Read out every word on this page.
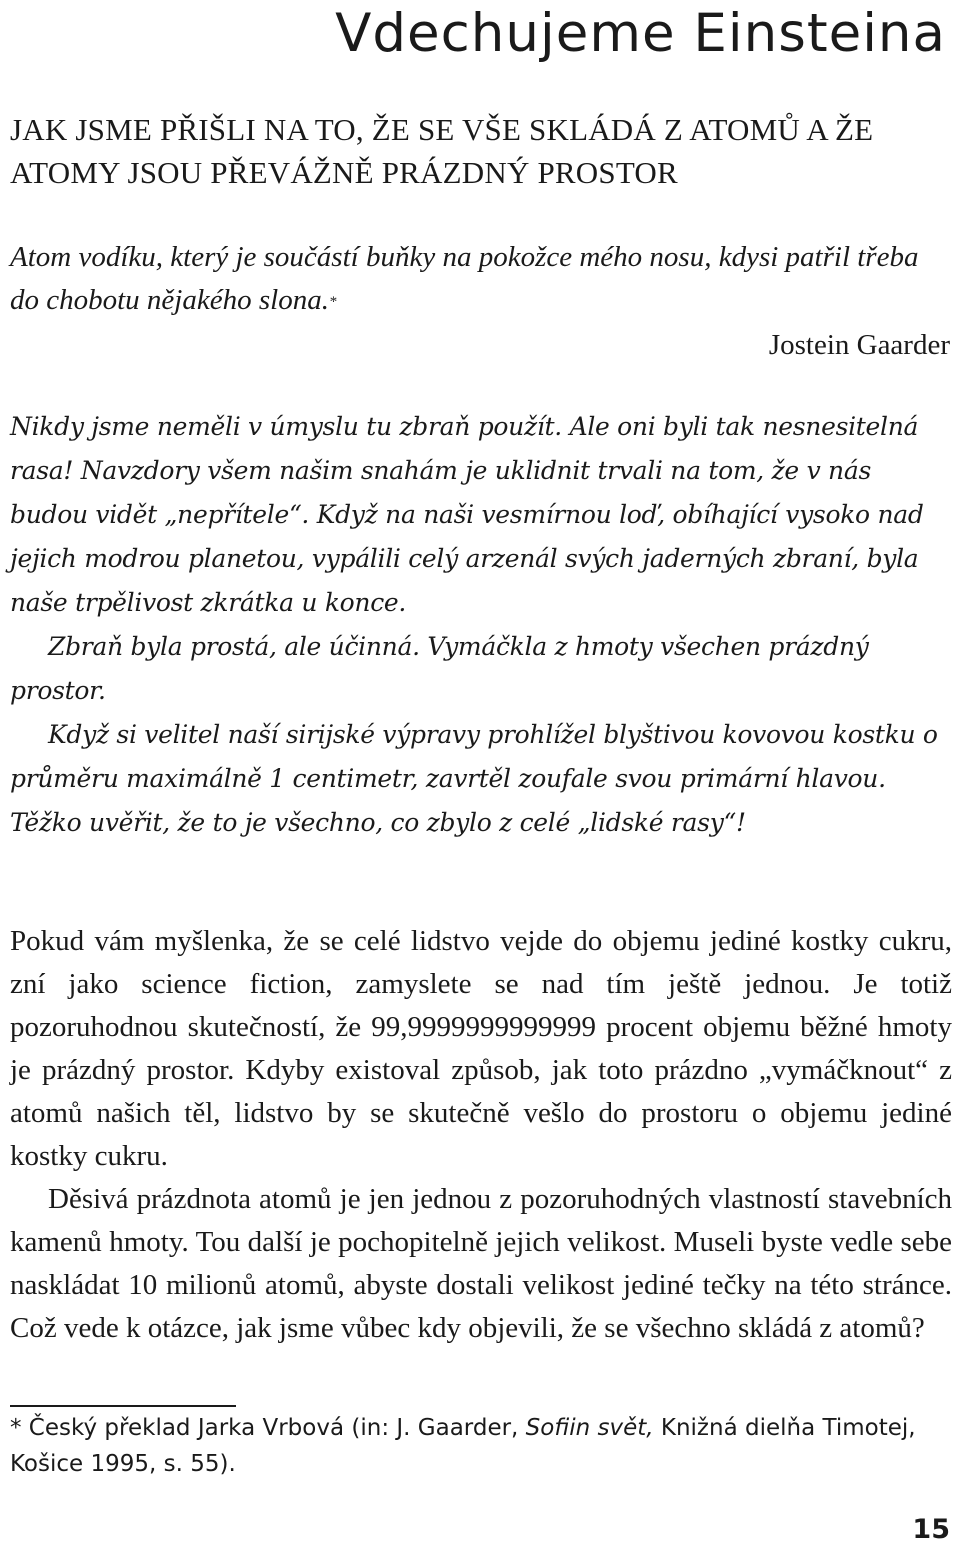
Vdechujeme Einsteina
JAK JSME PŘIŠLI NA TO, ŽE SE VŠE SKLÁDÁ Z ATOMŮ A ŽE ATOMY JSOU PŘEVÁŽNĚ PRÁZDNÝ PROSTOR

Atom vodíku, který je součástí buňky na pokožce mého nosu, kdysi patřil třeba do chobotu nějakého slona.*

Jostein Gaarder

Nikdy jsme neměli v úmyslu tu zbraň použít. Ale oni byli tak nesnesitelná rasa! Navzdory všem našim snahám je uklidnit trvali na tom, že v nás budou vidět „nepřítele“. Když na naši vesmírnou loď, obíhající vysoko nad jejich modrou planetou, vypálili celý arzenál svých jaderných zbraní, byla naše trpělivost zkrátka u konce.

Zbraň byla prostá, ale účinná. Vymáčkla z hmoty všechen prázdný prostor.

Když si velitel naší sirijské výpravy prohlížel blyštivou kovovou kostku o průměru maximálně 1 centimetr, zavrtěl zoufale svou primární hlavou. Těžko uvěřit, že to je všechno, co zbylo z celé „lidské rasy“!

Pokud vám myšlenka, že se celé lidstvo vejde do objemu jediné kostky cukru, zní jako science fiction, zamyslete se nad tím ještě jednou. Je totiž pozoruhodnou skutečností, že 99,9999999999999 procent objemu běžné hmoty je prázdný prostor. Kdyby existoval způsob, jak toto prázdno „vymáčknout“ z atomů našich těl, lidstvo by se skutečně vešlo do prostoru o objemu jediné kostky cukru.

Děsivá prázdnota atomů je jen jednou z pozoruhodných vlastností stavebních kamenů hmoty. Tou další je pochopitelně jejich velikost. Museli byste vedle sebe naskládat 10 milionů atomů, abyste dostali velikost jediné tečky na této stránce. Což vede k otázce, jak jsme vůbec kdy objevili, že se všechno skládá z atomů?

* Český překlad Jarka Vrbová (in: J. Gaarder, Sofiin svět, Knižná dielňa Timotej, Košice 1995, s. 55).

15
